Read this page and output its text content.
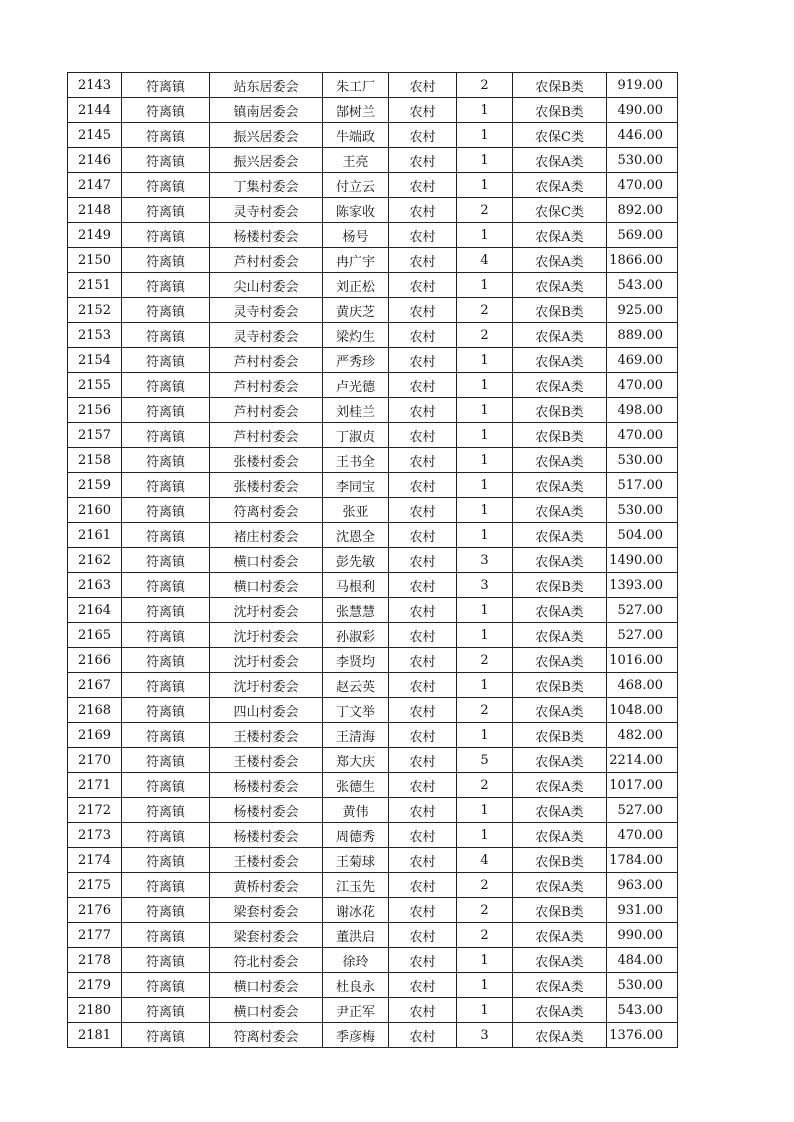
2143	符离镇	站东居委会	朱工厂	农村	2	农保B类	919.00
2144	符离镇	镇南居委会	郜树兰	农村	1	农保B类	490.00
2145	符离镇	振兴居委会	牛端政	农村	1	农保C类	446.00
2146	符离镇	振兴居委会	王亮	农村	1	农保A类	530.00
2147	符离镇	丁集村委会	付立云	农村	1	农保A类	470.00
2148	符离镇	灵寺村委会	陈家收	农村	2	农保C类	892.00
2149	符离镇	杨楼村委会	杨号	农村	1	农保A类	569.00
2150	符离镇	芦村村委会	冉广宇	农村	4	农保A类	1866.00
2151	符离镇	尖山村委会	刘正松	农村	1	农保A类	543.00
2152	符离镇	灵寺村委会	黄庆芝	农村	2	农保B类	925.00
2153	符离镇	灵寺村委会	梁灼生	农村	2	农保A类	889.00
2154	符离镇	芦村村委会	严秀珍	农村	1	农保A类	469.00
2155	符离镇	芦村村委会	卢光德	农村	1	农保A类	470.00
2156	符离镇	芦村村委会	刘桂兰	农村	1	农保B类	498.00
2157	符离镇	芦村村委会	丁淑贞	农村	1	农保B类	470.00
2158	符离镇	张楼村委会	王书全	农村	1	农保A类	530.00
2159	符离镇	张楼村委会	李同宝	农村	1	农保A类	517.00
2160	符离镇	符离村委会	张亚	农村	1	农保A类	530.00
2161	符离镇	褚庄村委会	沈恩全	农村	1	农保A类	504.00
2162	符离镇	横口村委会	彭先敏	农村	3	农保A类	1490.00
2163	符离镇	横口村委会	马根利	农村	3	农保B类	1393.00
2164	符离镇	沈圩村委会	张慧慧	农村	1	农保A类	527.00
2165	符离镇	沈圩村委会	孙淑彩	农村	1	农保A类	527.00
2166	符离镇	沈圩村委会	李贤均	农村	2	农保A类	1016.00
2167	符离镇	沈圩村委会	赵云英	农村	1	农保B类	468.00
2168	符离镇	四山村委会	丁文举	农村	2	农保A类	1048.00
2169	符离镇	王楼村委会	王清海	农村	1	农保B类	482.00
2170	符离镇	王楼村委会	郑大庆	农村	5	农保A类	2214.00
2171	符离镇	杨楼村委会	张德生	农村	2	农保A类	1017.00
2172	符离镇	杨楼村委会	黄伟	农村	1	农保A类	527.00
2173	符离镇	杨楼村委会	周德秀	农村	1	农保A类	470.00
2174	符离镇	王楼村委会	王菊球	农村	4	农保B类	1784.00
2175	符离镇	黄桥村委会	江玉先	农村	2	农保A类	963.00
2176	符离镇	梁套村委会	谢冰花	农村	2	农保B类	931.00
2177	符离镇	梁套村委会	董洪启	农村	2	农保A类	990.00
2178	符离镇	符北村委会	徐玲	农村	1	农保A类	484.00
2179	符离镇	横口村委会	杜良永	农村	1	农保A类	530.00
2180	符离镇	横口村委会	尹正军	农村	1	农保A类	543.00
2181	符离镇	符离村委会	季彦梅	农村	3	农保A类	1376.00
